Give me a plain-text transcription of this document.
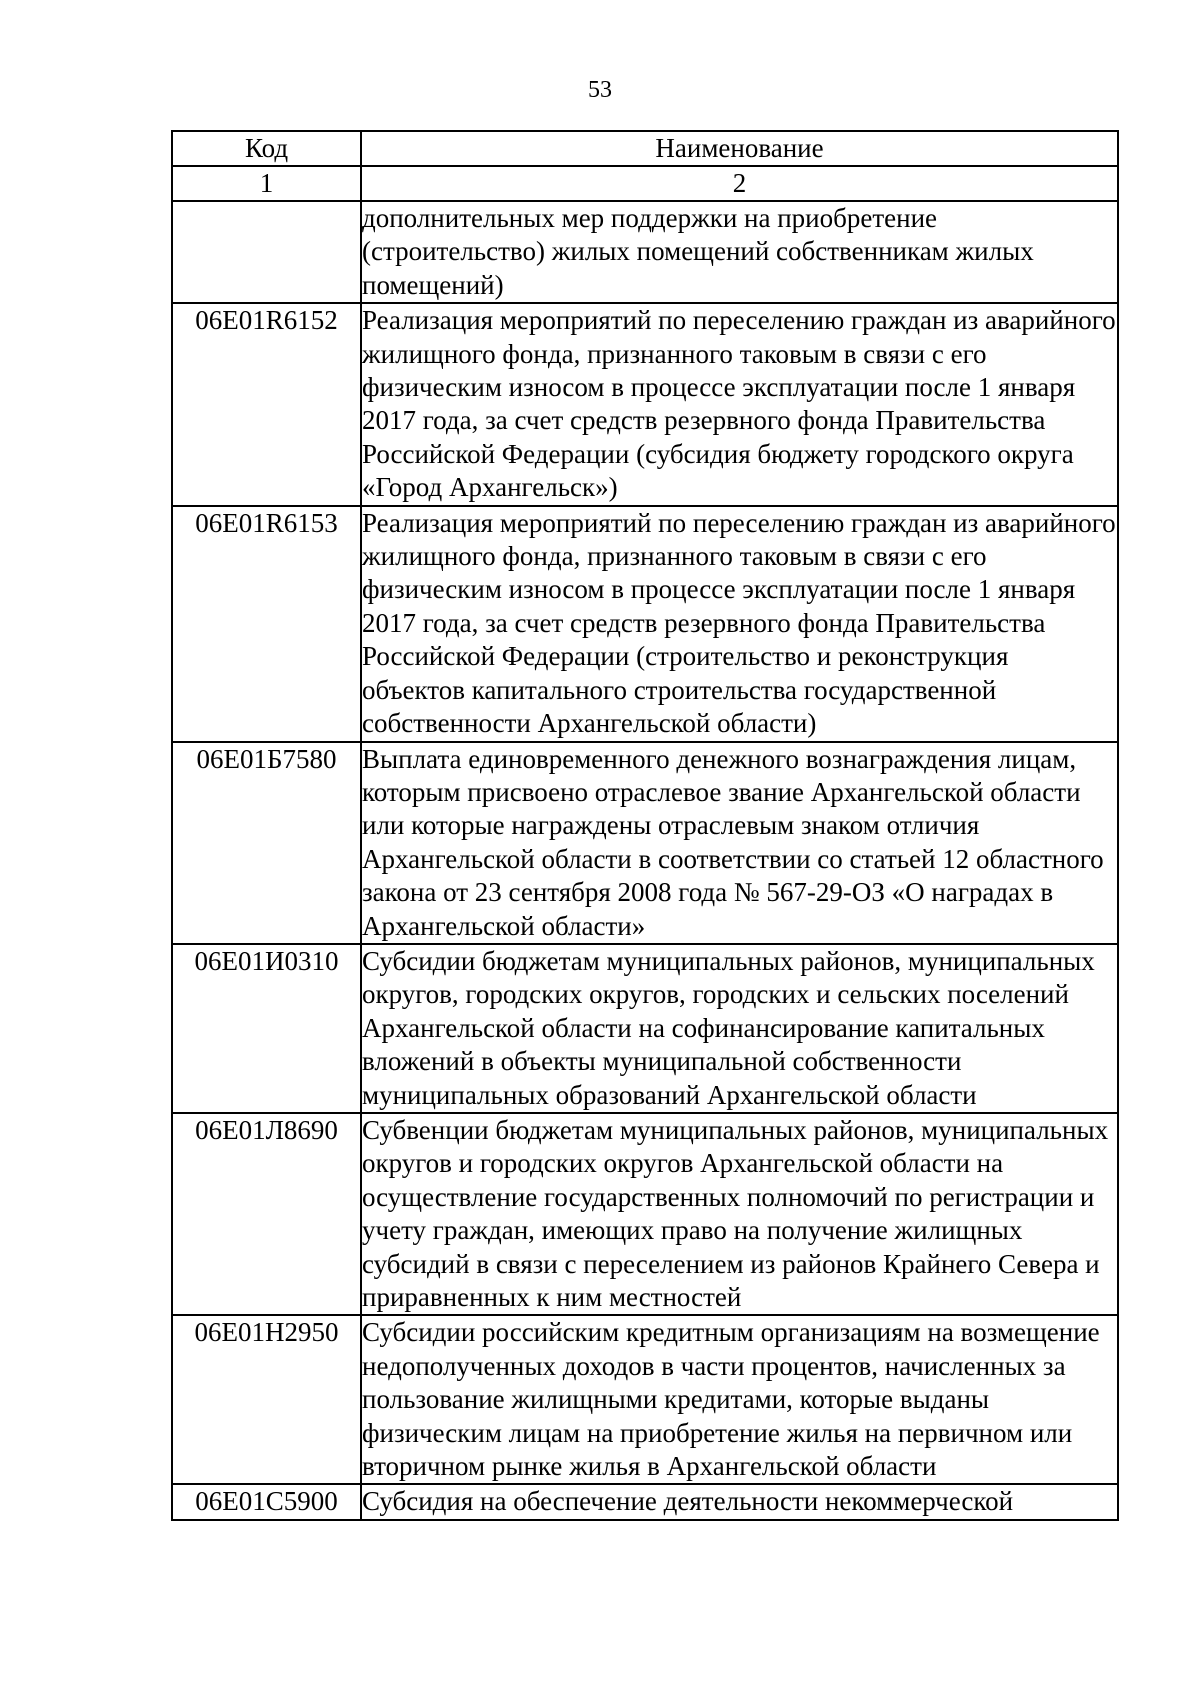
53
Код	Наименование
1	2
	дополнительных мер поддержки на приобретение (строительство) жилых помещений собственникам жилых помещений)
06Е01R6152	Реализация мероприятий по переселению граждан из аварийного жилищного фонда, признанного таковым в связи с его физическим износом в процессе эксплуатации после 1 января 2017 года, за счет средств резервного фонда Правительства Российской Федерации (субсидия бюджету городского округа «Город Архангельск»)
06Е01R6153	Реализация мероприятий по переселению граждан из аварийного жилищного фонда, признанного таковым в связи с его физическим износом в процессе эксплуатации после 1 января 2017 года, за счет средств резервного фонда Правительства Российской Федерации (строительство и реконструкция объектов капитального строительства государственной собственности Архангельской области)
06Е01Б7580	Выплата единовременного денежного вознаграждения лицам, которым присвоено отраслевое звание Архангельской области или которые награждены отраслевым знаком отличия Архангельской области в соответствии со статьей 12 областного закона от 23 сентября 2008 года № 567-29-ОЗ «О наградах в Архангельской области»
06Е01И0310	Субсидии бюджетам муниципальных районов, муниципальных округов, городских округов, городских и сельских поселений Архангельской области на софинансирование капитальных вложений в объекты муниципальной собственности муниципальных образований Архангельской области
06Е01Л8690	Субвенции бюджетам муниципальных районов, муниципальных округов и городских округов Архангельской области на осуществление государственных полномочий по регистрации и учету граждан, имеющих право на получение жилищных субсидий в связи с переселением из районов Крайнего Севера и приравненных к ним местностей
06Е01Н2950	Субсидии российским кредитным организациям на возмещение недополученных доходов в части процентов, начисленных за пользование жилищными кредитами, которые выданы физическим лицам на приобретение жилья на первичном или вторичном рынке жилья в Архангельской области
06Е01С5900	Субсидия на обеспечение деятельности некоммерческой
